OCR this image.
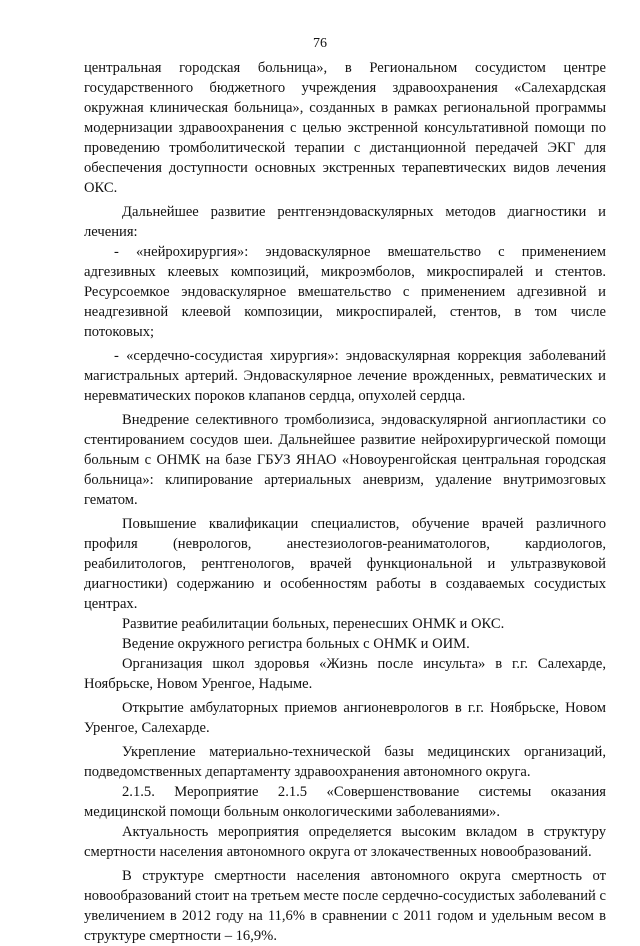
76

центральная городская больница», в Региональном сосудистом центре государственного бюджетного учреждения здравоохранения «Салехардская окружная клиническая больница», созданных в рамках региональной программы модернизации здравоохранения с целью экстренной консультативной помощи по проведению тромболитической терапии с дистанционной передачей ЭКГ для обеспечения доступности основных экстренных терапевтических видов лечения ОКС.

Дальнейшее развитие рентгенэндоваскулярных методов диагностики и лечения:

- «нейрохирургия»: эндоваскулярное вмешательство с применением адгезивных клеевых композиций, микроэмболов, микроспиралей и стентов. Ресурсоемкое эндоваскулярное вмешательство с применением адгезивной и неадгезивной клеевой композиции, микроспиралей, стентов, в том числе потоковых;

- «сердечно-сосудистая хирургия»: эндоваскулярная коррекция заболеваний магистральных артерий. Эндоваскулярное лечение врожденных, ревматических и неревматических пороков клапанов сердца, опухолей сердца.

Внедрение селективного тромболизиса, эндоваскулярной ангиопластики со стентированием сосудов шеи. Дальнейшее развитие нейрохирургической помощи больным с ОНМК на базе ГБУЗ ЯНАО «Новоуренгойская центральная городская больница»: клипирование артериальных аневризм, удаление внутримозговых гематом.

Повышение квалификации специалистов, обучение врачей различного профиля (неврологов, анестезиологов-реаниматологов, кардиологов, реабилитологов, рентгенологов, врачей функциональной и ультразвуковой диагностики) содержанию и особенностям работы в создаваемых сосудистых центрах.

Развитие реабилитации больных, перенесших ОНМК и ОКС.

Ведение окружного регистра больных с ОНМК и ОИМ.

Организация школ здоровья «Жизнь после инсульта» в г.г. Салехарде, Ноябрьске, Новом Уренгое, Надыме.

Открытие амбулаторных приемов ангионеврологов в г.г. Ноябрьске, Новом Уренгое, Салехарде.

Укрепление материально-технической базы медицинских организаций, подведомственных департаменту здравоохранения автономного округа.

2.1.5. Мероприятие 2.1.5 «Совершенствование системы оказания медицинской помощи больным онкологическими заболеваниями».

Актуальность мероприятия определяется высоким вкладом в структуру смертности населения автономного округа от злокачественных новообразований.

В структуре смертности населения автономного округа смертность от новообразований стоит на третьем месте после сердечно-сосудистых заболеваний с увеличением в 2012 году на 11,6% в сравнении с 2011 годом и удельным весом в структуре смертности – 16,9%.
